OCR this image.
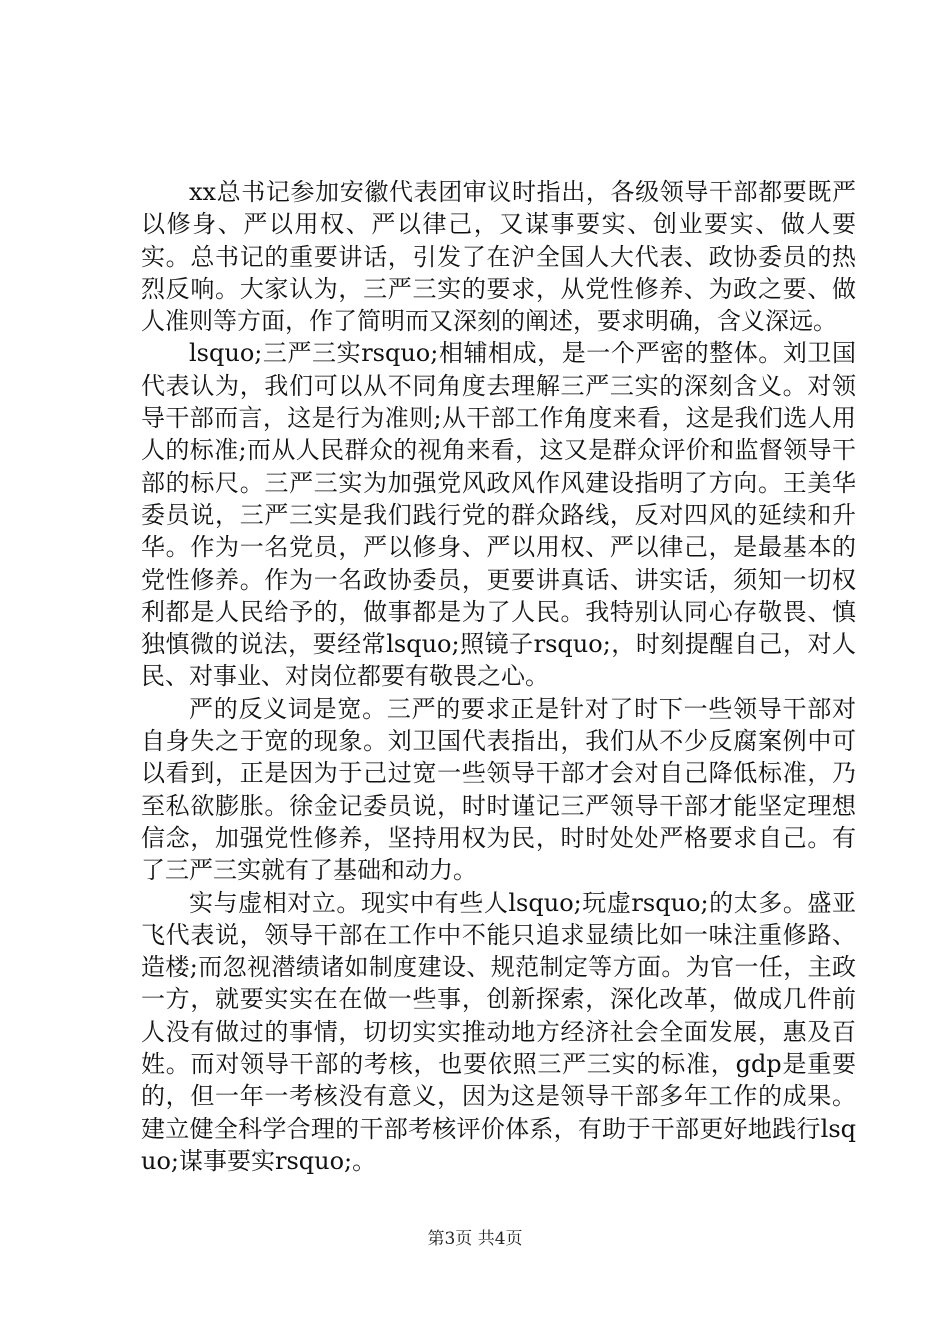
xx总书记参加安徽代表团审议时指出，各级领导干部都要既严以修身、严以用权、严以律己，又谋事要实、创业要实、做人要实。总书记的重要讲话，引发了在沪全国人大代表、政协委员的热烈反响。大家认为，三严三实的要求，从党性修养、为政之要、做人准则等方面，作了简明而又深刻的阐述，要求明确，含义深远。

lsquo;三严三实rsquo;相辅相成，是一个严密的整体。刘卫国代表认为，我们可以从不同角度去理解三严三实的深刻含义。对领导干部而言，这是行为准则;从干部工作角度来看，这是我们选人用人的标准;而从人民群众的视角来看，这又是群众评价和监督领导干部的标尺。三严三实为加强党风政风作风建设指明了方向。王美华委员说，三严三实是我们践行党的群众路线，反对四风的延续和升华。作为一名党员，严以修身、严以用权、严以律己，是最基本的党性修养。作为一名政协委员，更要讲真话、讲实话，须知一切权利都是人民给予的，做事都是为了人民。我特别认同心存敬畏、慎独慎微的说法，要经常lsquo;照镜子rsquo;，时刻提醒自己，对人民、对事业、对岗位都要有敬畏之心。

严的反义词是宽。三严的要求正是针对了时下一些领导干部对自身失之于宽的现象。刘卫国代表指出，我们从不少反腐案例中可以看到，正是因为于己过宽一些领导干部才会对自己降低标准，乃至私欲膨胀。徐金记委员说，时时谨记三严领导干部才能坚定理想信念，加强党性修养，坚持用权为民，时时处处严格要求自己。有了三严三实就有了基础和动力。

实与虚相对立。现实中有些人lsquo;玩虚rsquo;的太多。盛亚飞代表说，领导干部在工作中不能只追求显绩比如一味注重修路、造楼;而忽视潜绩诸如制度建设、规范制定等方面。为官一任，主政一方，就要实实在在做一些事，创新探索，深化改革，做成几件前人没有做过的事情，切切实实推动地方经济社会全面发展，惠及百姓。而对领导干部的考核，也要依照三严三实的标准，gdp是重要的，但一年一考核没有意义，因为这是领导干部多年工作的成果。建立健全科学合理的干部考核评价体系，有助于干部更好地践行lsquo;谋事要实rsquo;。

第3页 共4页
